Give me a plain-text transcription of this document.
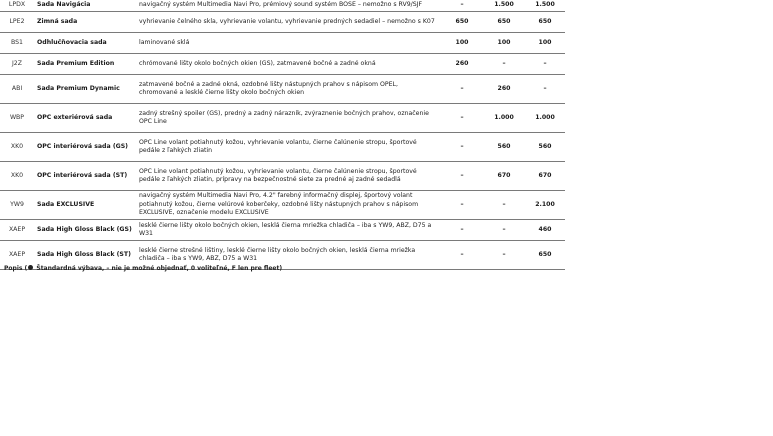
LPDX	Sada Navigácia	navigačný systém Multimedia Navi Pro, prémiový sound systém BOSE – nemožno s RV9/SJF	–	1.500	1.500
LPE2	Zimná sada	vyhrievanie čelného skla, vyhrievanie volantu, vyhrievanie predných sedadiel – nemožno s K07	650	650	650
BS1	Odhlučňovacia sada	laminované sklá	100	100	100
J2Z	Sada Premium Edition	chrómované lišty okolo bočných okien (GS), zatmavené bočné a zadné okná	260	–	–
ABI	Sada Premium Dynamic	zatmavené bočné a zadné okná, ozdobné lišty nástupných prahov s nápisom OPEL, chromované a lesklé čierne lišty okolo bočných okien	–	260	–
WBP	OPC exteriérová sada	zadný strešný spoiler (GS), predný a zadný nárazník, zvýraznenie bočných prahov, označenie OPC Line	–	1.000	1.000
XK0	OPC interiérová sada (GS)	OPC Line volant potiahnutý kožou, vyhrievanie volantu, čierne čalúnenie stropu, športové pedále z ľahkých zliatin	–	560	560
XK0	OPC interiérová sada (ST)	OPC Line volant potiahnutý kožou, vyhrievanie volantu, čierne čalúnenie stropu, športové pedále z ľahkých zliatin, prípravy na bezpečnostné siete za predné aj zadné sedadlá	–	670	670
YW9	Sada EXCLUSIVE	navigačný systém Multimedia Navi Pro, 4.2" farebný informačný displej, športový volant potiahnutý kožou, čierne velúrové koberčeky, ozdobné lišty nástupných prahov s nápisom EXCLUSIVE, označenie modelu EXCLUSIVE	–	–	2.100
XAEP	Sada High Gloss Black (GS)	lesklé čierne lišty okolo bočných okien, lesklá čierna mriežka chladiča – iba s YW9, ABZ, D75 a W31	–	–	460
XAEP	Sada High Gloss Black (ST)	lesklé čierne strešné lištiny, lesklé čierne lišty okolo bočných okien, lesklá čierna mriežka chladiča – iba s YW9, ABZ, D75 a W31	–	–	650
Popis ( Štandardná výbava, – nie je možné objednať, 0 voliteľné, F len pre fleet)
